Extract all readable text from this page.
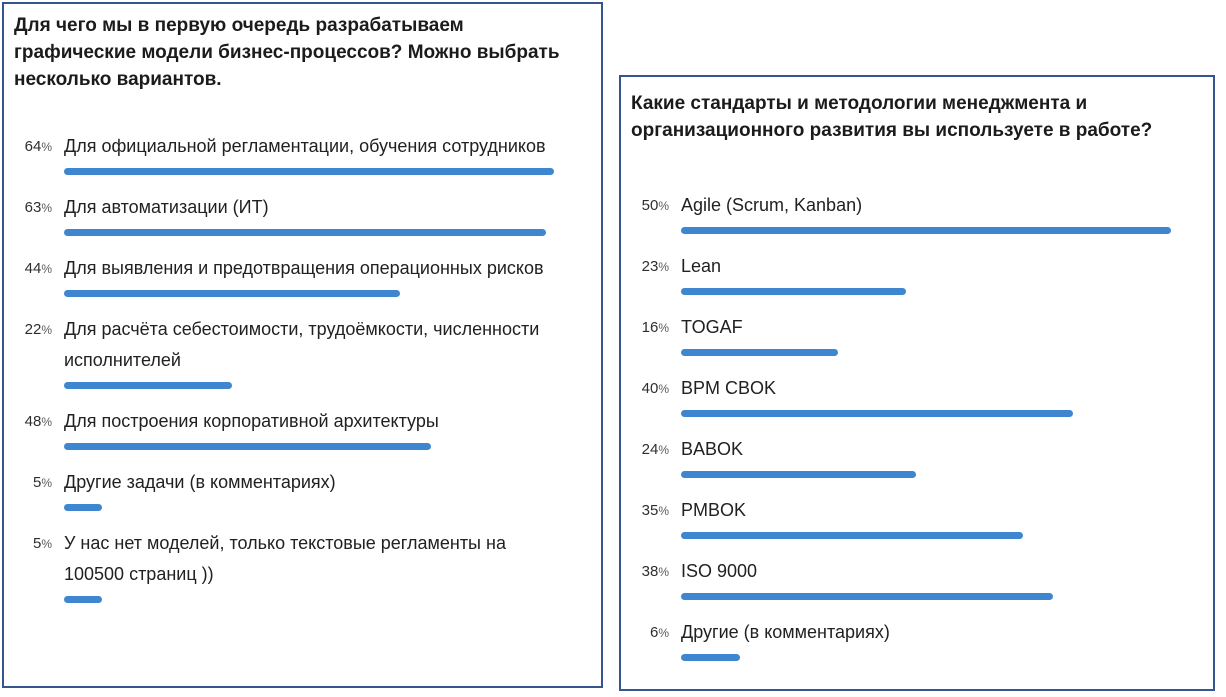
Для чего мы в первую очередь разрабатываем графические модели бизнес-процессов? Можно выбрать несколько вариантов.
64% Для официальной регламентации, обучения сотрудников
63% Для автоматизации (ИТ)
44% Для выявления и предотвращения операционных рисков
22% Для расчёта себестоимости, трудоёмкости, численности исполнителей
48% Для построения корпоративной архитектуры
5% Другие задачи (в комментариях)
5% У нас нет моделей, только текстовые регламенты на 100500 страниц ))
Какие стандарты и методологии менеджмента и организационного развития вы используете в работе?
50% Agile (Scrum, Kanban)
23% Lean
16% TOGAF
40% BPM CBOK
24% BABOK
35% PMBOK
38% ISO 9000
6% Другие (в комментариях)
